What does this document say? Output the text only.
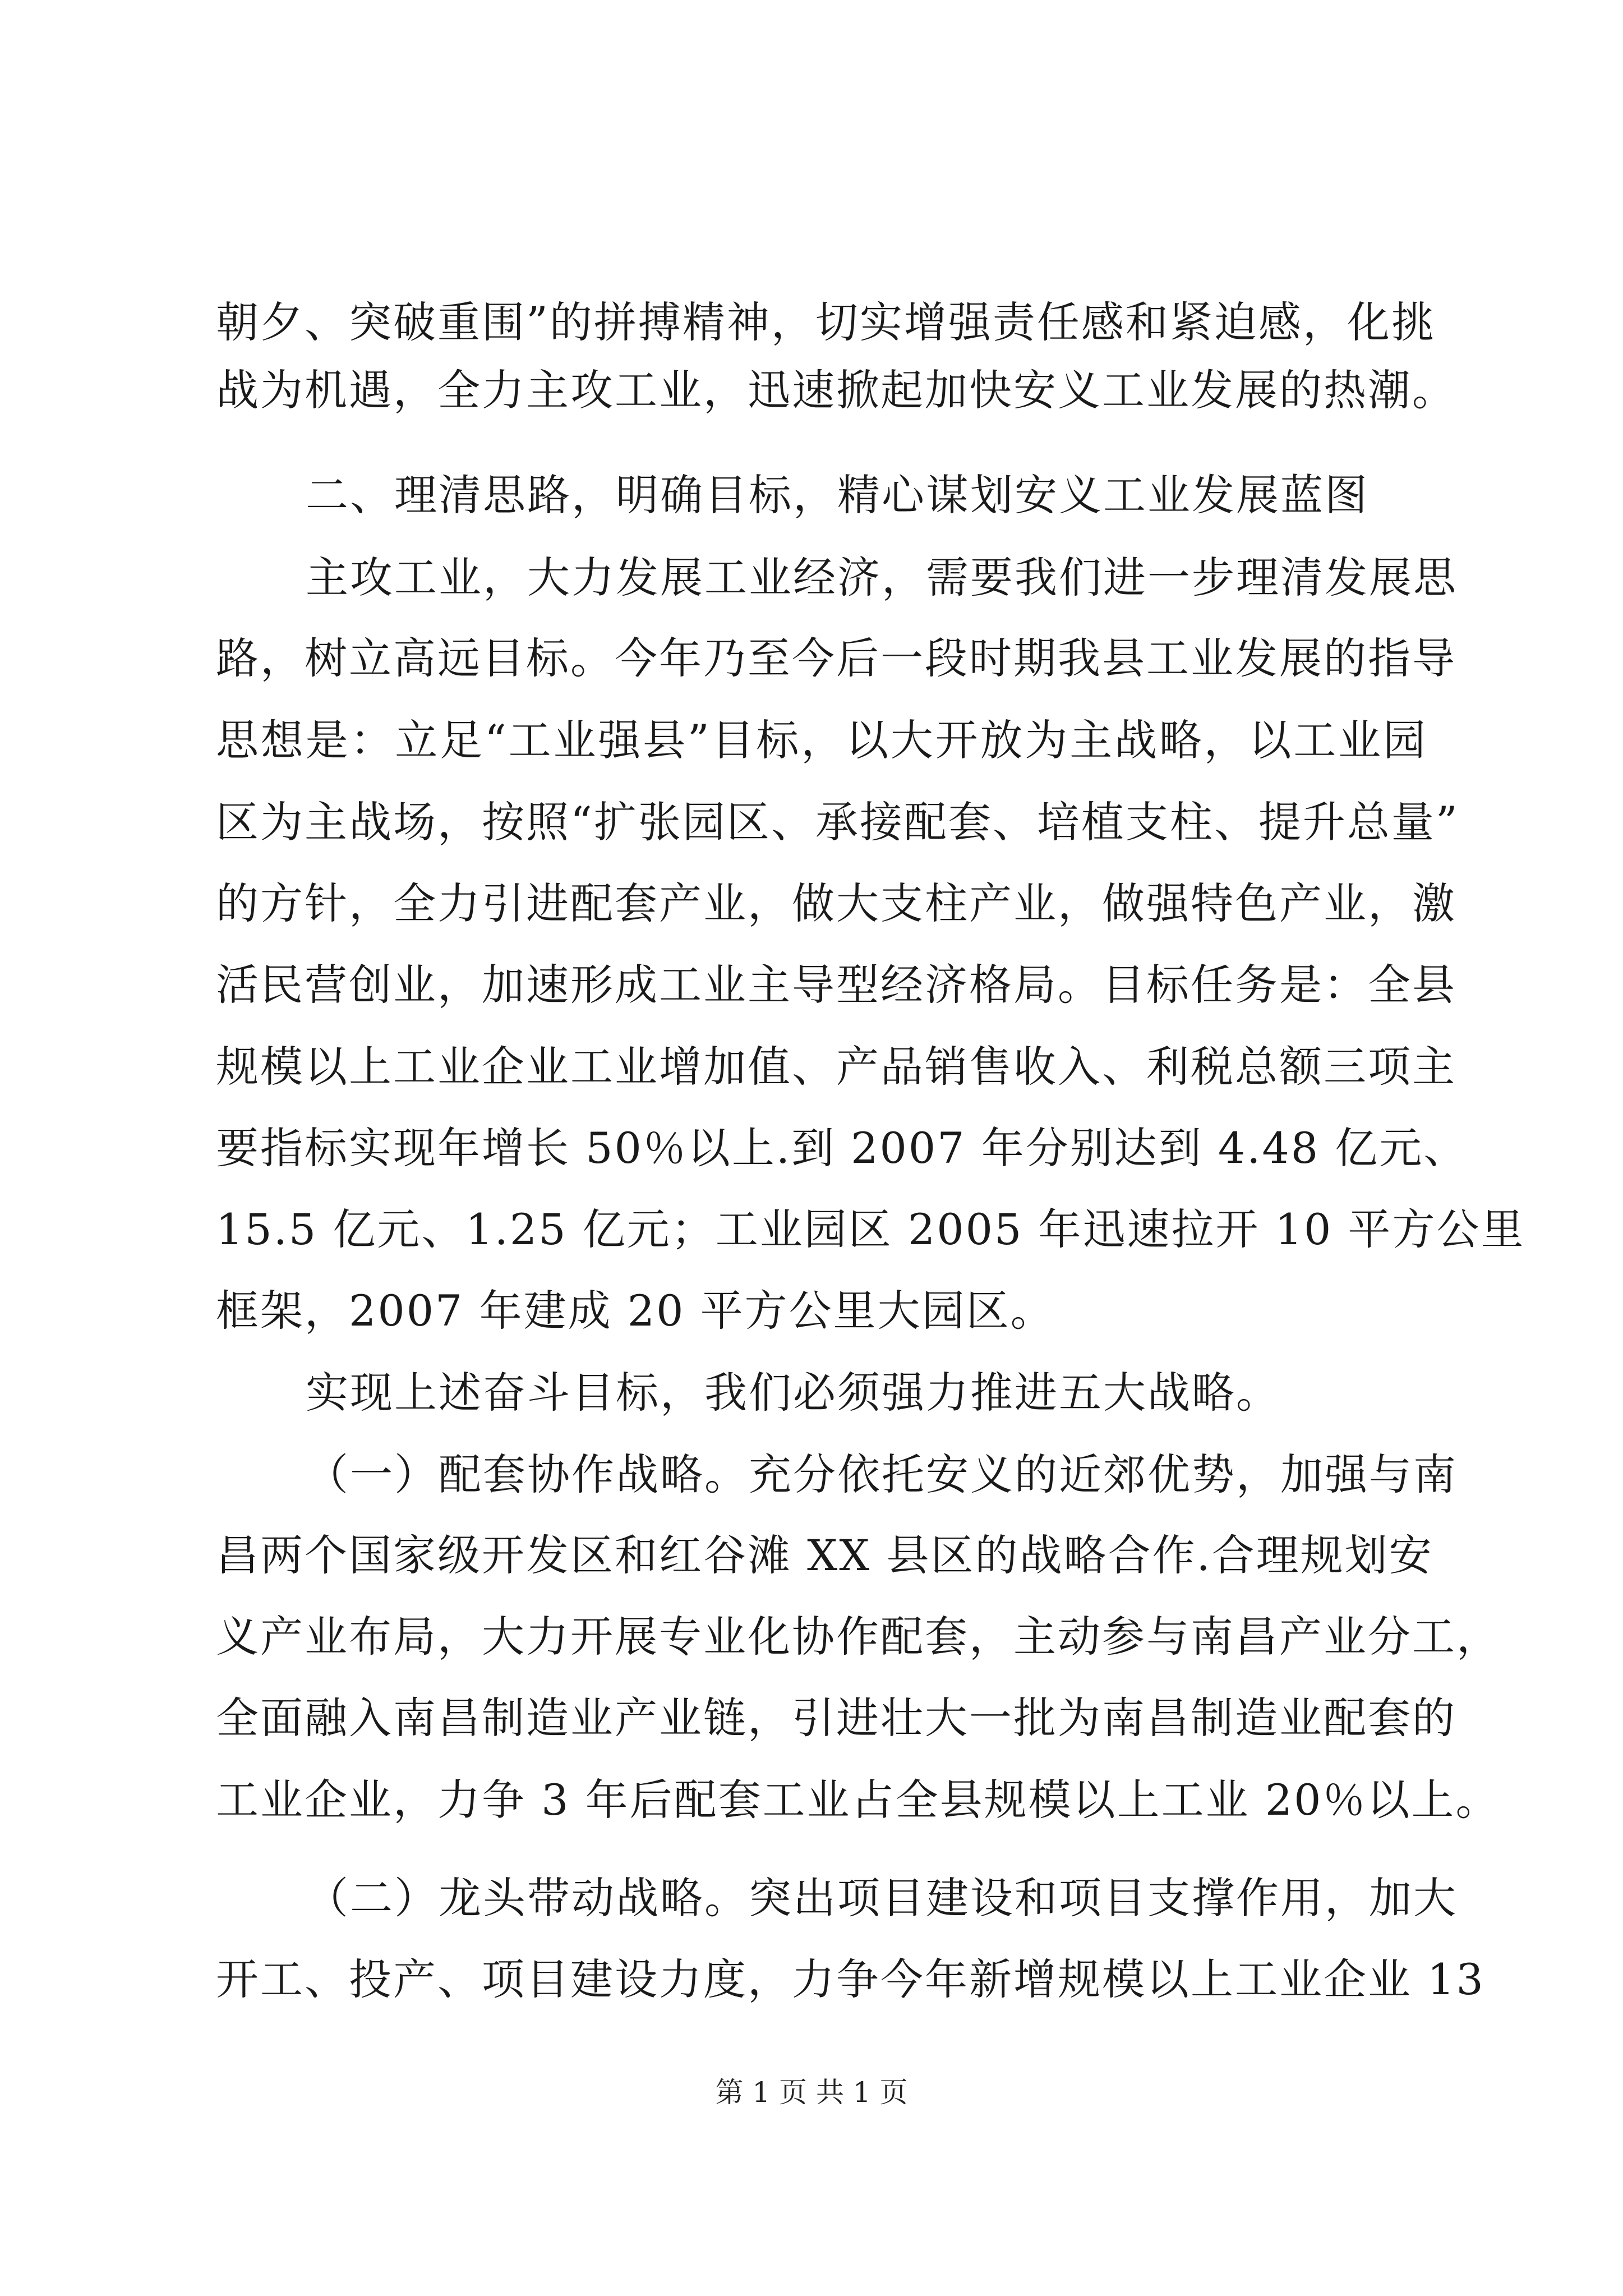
朝夕、突破重围”的拼搏精神，切实增强责任感和紧迫感，化挑
战为机遇，全力主攻工业，迅速掀起加快安义工业发展的热潮。
二、理清思路，明确目标，精心谋划安义工业发展蓝图
主攻工业，大力发展工业经济，需要我们进一步理清发展思
路，树立高远目标。今年乃至今后一段时期我县工业发展的指导
思想是：立足“工业强县”目标，以大开放为主战略，以工业园
区为主战场，按照“扩张园区、承接配套、培植支柱、提升总量”
的方针，全力引进配套产业，做大支柱产业，做强特色产业，激
活民营创业，加速形成工业主导型经济格局。目标任务是：全县
规模以上工业企业工业增加值、产品销售收入、利税总额三项主
要指标实现年增长 50％以上.到 2007 年分别达到 4.48 亿元、
15.5 亿元、1.25 亿元；工业园区 2005 年迅速拉开 10 平方公里
框架，2007 年建成 20 平方公里大园区。
实现上述奋斗目标，我们必须强力推进五大战略。
（一）配套协作战略。充分依托安义的近郊优势，加强与南
昌两个国家级开发区和红谷滩 XX 县区的战略合作.合理规划安
义产业布局，大力开展专业化协作配套，主动参与南昌产业分工，
全面融入南昌制造业产业链，引进壮大一批为南昌制造业配套的
工业企业，力争 3 年后配套工业占全县规模以上工业 20％以上。
（二）龙头带动战略。突出项目建设和项目支撑作用，加大
开工、投产、项目建设力度，力争今年新增规模以上工业企业 13
第 1 页 共 1 页
